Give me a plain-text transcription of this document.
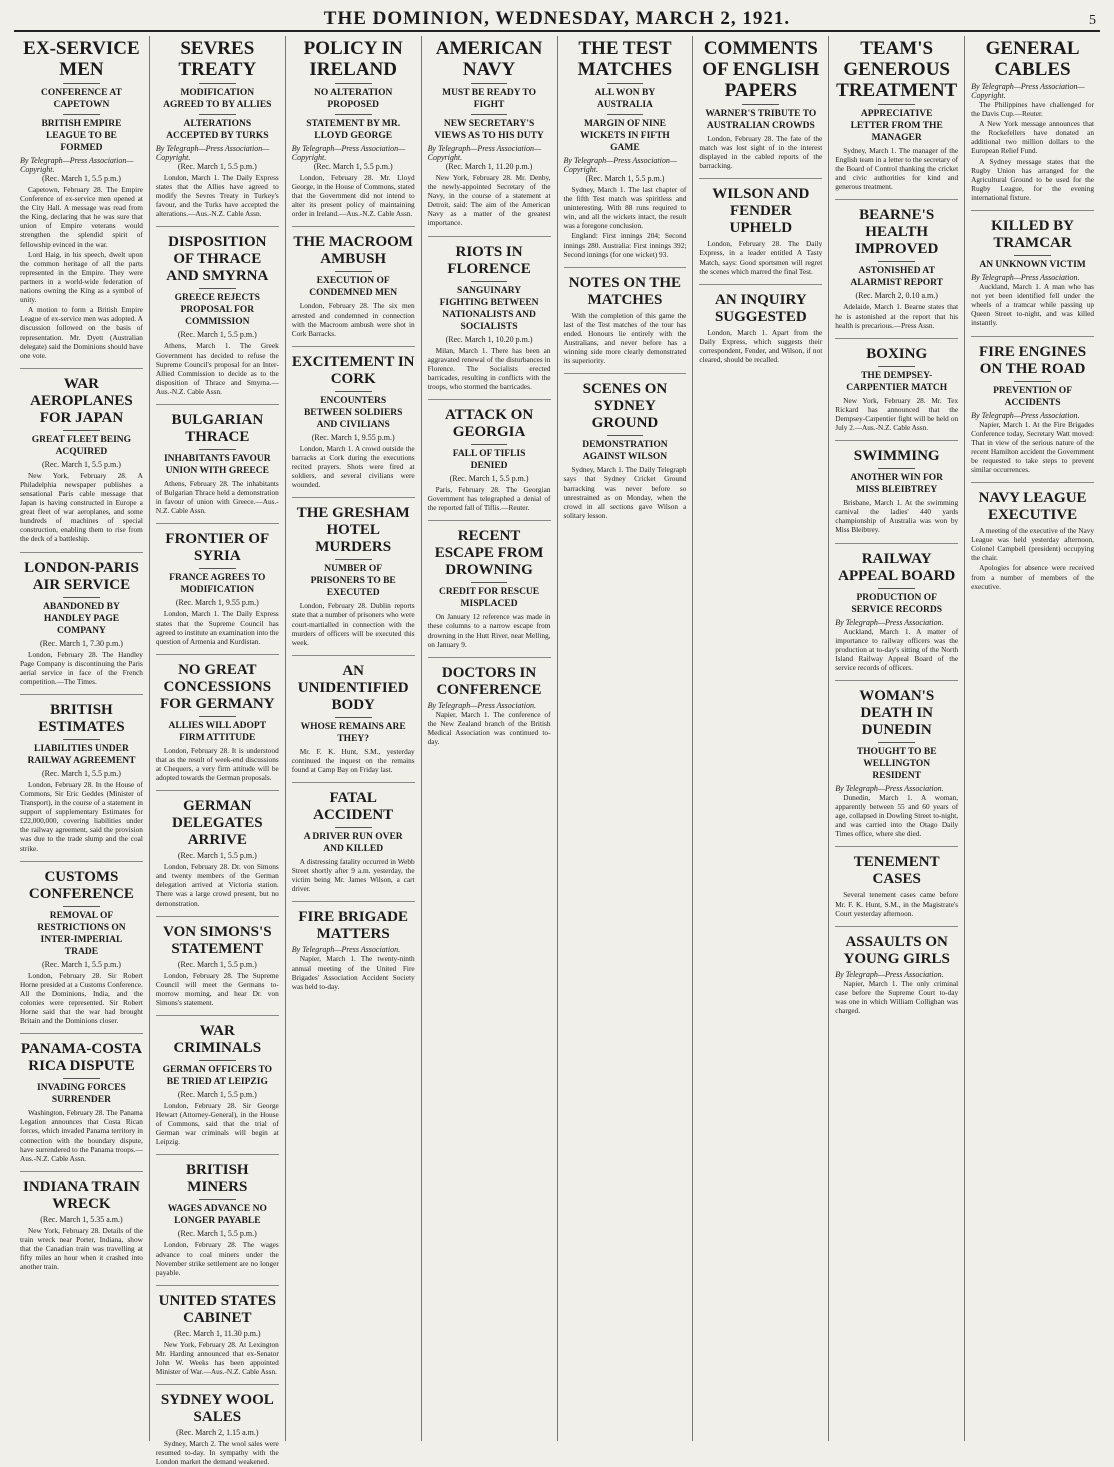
THE DOMINION, WEDNESDAY, MARCH 2, 1921.	5
EX-SERVICE MEN
CONFERENCE AT CAPETOWN
BRITISH EMPIRE LEAGUE TO BE FORMED
By Telegraph—Press Association—Copyright.
(Rec. March 1, 5.5 p.m.)

Capetown, February 28. The Empire Conference of ex-service men opened at the City Hall. A message was read from the King, declaring that he was sure that union of Empire veterans would strengthen the splendid spirit of fellowship evinced in the war.

Lord Haig, in his speech, dwelt upon the common heritage of all the parts represented in the Empire. They were partners in a world-wide federation of nations owning the King as a symbol of unity.

A motion to form a British Empire League of ex-service men was adopted. A discussion followed on the basis of representation. Mr. Dyett (Australian delegate) said the Dominions should have one vote.

WAR AEROPLANES FOR JAPAN
GREAT FLEET BEING ACQUIRED
(Rec. March 1, 5.5 p.m.)

New York, February 28. A Philadelphia newspaper publishes a sensational Paris cable message that Japan is having constructed in Europe a great fleet of war aeroplanes, and some hundreds of machines of special construction, enabling them to rise from the deck of a battleship.

LONDON-PARIS AIR SERVICE
ABANDONED BY HANDLEY PAGE COMPANY
(Rec. March 1, 7.30 p.m.)

London, February 28. The Handley Page Company is discontinuing the Paris aerial service in face of the French competition.—The Times.

BRITISH ESTIMATES
LIABILITIES UNDER RAILWAY AGREEMENT
(Rec. March 1, 5.5 p.m.)

London, February 28. In the House of Commons, Sir Eric Geddes (Minister of Transport), in the course of a statement in support of supplementary Estimates for £22,000,000, covering liabilities under the railway agreement, said the provision was due to the trade slump and the coal strike.

CUSTOMS CONFERENCE
REMOVAL OF RESTRICTIONS ON INTER-IMPERIAL TRADE
(Rec. March 1, 5.5 p.m.)

London, February 28. Sir Robert Horne presided at a Customs Conference. All the Dominions, India, and the colonies were represented. Sir Robert Horne said that the war had brought Britain and the Dominions closer.

PANAMA-COSTA RICA DISPUTE
INVADING FORCES SURRENDER

Washington, February 28. The Panama Legation announces that Costa Rican forces, which invaded Panama territory in connection with the boundary dispute, have surrendered to the Panama troops.—Aus.-N.Z. Cable Assn.

INDIANA TRAIN WRECK
(Rec. March 1, 5.35 a.m.)

New York, February 28. Details of the train wreck near Porter, Indiana, show that the Canadian train was travelling at fifty miles an hour when it crashed into another train.

SEVRES TREATY
MODIFICATION AGREED TO BY ALLIES
ALTERATIONS ACCEPTED BY TURKS
By Telegraph—Press Association—Copyright.
(Rec. March 1, 5.5 p.m.)

London, March 1. The Daily Express states that the Allies have agreed to modify the Sevres Treaty in Turkey's favour, and the Turks have accepted the alterations.—Aus.-N.Z. Cable Assn.

DISPOSITION OF THRACE AND SMYRNA
GREECE REJECTS PROPOSAL FOR COMMISSION
(Rec. March 1, 5.5 p.m.)

Athens, March 1. The Greek Government has decided to refuse the Supreme Council's proposal for an Inter-Allied Commission to decide as to the disposition of Thrace and Smyrna.—Aus.-N.Z. Cable Assn.

BULGARIAN THRACE
INHABITANTS FAVOUR UNION WITH GREECE

Athens, February 28. The inhabitants of Bulgarian Thrace held a demonstration in favour of union with Greece.—Aus.-N.Z. Cable Assn.

FRONTIER OF SYRIA
FRANCE AGREES TO MODIFICATION
(Rec. March 1, 9.55 p.m.)

London, March 1. The Daily Express states that the Supreme Council has agreed to institute an examination into the question of Armenia and Kurdistan.

NO GREAT CONCESSIONS FOR GERMANY
ALLIES WILL ADOPT FIRM ATTITUDE

London, February 28. It is understood that as the result of week-end discussions at Chequers, a very firm attitude will be adopted towards the German proposals.

GERMAN DELEGATES ARRIVE
(Rec. March 1, 5.5 p.m.)

London, February 28. Dr. von Simons and twenty members of the German delegation arrived at Victoria station. There was a large crowd present, but no demonstration.

VON SIMONS'S STATEMENT
(Rec. March 1, 5.5 p.m.)

London, February 28. The Supreme Council will meet the Germans to-morrow morning, and hear Dr. von Simons's statement.

WAR CRIMINALS
GERMAN OFFICERS TO BE TRIED AT LEIPZIG
(Rec. March 1, 5.5 p.m.)

London, February 28. Sir George Hewart (Attorney-General), in the House of Commons, said that the trial of German war criminals will begin at Leipzig.

BRITISH MINERS
WAGES ADVANCE NO LONGER PAYABLE
(Rec. March 1, 5.5 p.m.)

London, February 28. The wages advance to coal miners under the November strike settlement are no longer payable.

UNITED STATES CABINET
(Rec. March 1, 11.30 p.m.)

New York, February 28. At Lexington Mr. Harding announced that ex-Senator John W. Weeks has been appointed Minister of War.—Aus.-N.Z. Cable Assn.

SYDNEY WOOL SALES
(Rec. March 2, 1.15 a.m.)

Sydney, March 2. The wool sales were resumed to-day. In sympathy with the London market the demand weakened.

POLICY IN IRELAND
NO ALTERATION PROPOSED
STATEMENT BY MR. LLOYD GEORGE
By Telegraph—Press Association—Copyright.
(Rec. March 1, 5.5 p.m.)

London, February 28. Mr. Lloyd George, in the House of Commons, stated that the Government did not intend to alter its present policy of maintaining order in Ireland.—Aus.-N.Z. Cable Assn.

THE MACROOM AMBUSH
EXECUTION OF CONDEMNED MEN

London, February 28. The six men arrested and condemned in connection with the Macroom ambush were shot in Cork Barracks.

EXCITEMENT IN CORK
ENCOUNTERS BETWEEN SOLDIERS AND CIVILIANS
(Rec. March 1, 9.55 p.m.)

London, March 1. A crowd outside the barracks at Cork during the executions recited prayers. Shots were fired at soldiers, and several civilians were wounded.

THE GRESHAM HOTEL MURDERS
NUMBER OF PRISONERS TO BE EXECUTED

London, February 28. Dublin reports state that a number of prisoners who were court-martialled in connection with the murders of officers will be executed this week.

AN UNIDENTIFIED BODY
WHOSE REMAINS ARE THEY?

Mr. F. K. Hunt, S.M., yesterday continued the inquest on the remains found at Camp Bay on Friday last.

FATAL ACCIDENT
A DRIVER RUN OVER AND KILLED

A distressing fatality occurred in Webb Street shortly after 9 a.m. yesterday, the victim being Mr. James Wilson, a cart driver.

FIRE BRIGADE MATTERS
By Telegraph—Press Association.

Napier, March 1. The twenty-ninth annual meeting of the United Fire Brigades' Association Accident Society was held to-day.

AMERICAN NAVY
MUST BE READY TO FIGHT
NEW SECRETARY'S VIEWS AS TO HIS DUTY
By Telegraph—Press Association—Copyright.
(Rec. March 1, 11.20 p.m.)

New York, February 28. Mr. Denby, the newly-appointed Secretary of the Navy, in the course of a statement at Detroit, said: The aim of the American Navy as a matter of the greatest importance.

RIOTS IN FLORENCE
SANGUINARY FIGHTING BETWEEN NATIONALISTS AND SOCIALISTS
(Rec. March 1, 10.20 p.m.)

Milan, March 1. There has been an aggravated renewal of the disturbances in Florence. The Socialists erected barricades, resulting in conflicts with the troops, who stormed the barricades.

ATTACK ON GEORGIA
FALL OF TIFLIS DENIED
(Rec. March 1, 5.5 p.m.)

Paris, February 28. The Georgian Government has telegraphed a denial of the reported fall of Tiflis.—Reuter.

RECENT ESCAPE FROM DROWNING
CREDIT FOR RESCUE MISPLACED

On January 12 reference was made in these columns to a narrow escape from drowning in the Hutt River, near Melling, on January 9.

DOCTORS IN CONFERENCE
By Telegraph—Press Association.

Napier, March 1. The conference of the New Zealand branch of the British Medical Association was continued to-day.

THE TEST MATCHES
ALL WON BY AUSTRALIA
MARGIN OF NINE WICKETS IN FIFTH GAME
By Telegraph—Press Association—Copyright.
(Rec. March 1, 5.5 p.m.)

Sydney, March 1. The last chapter of the fifth Test match was spiritless and uninteresting. With 88 runs required to win, and all the wickets intact, the result was a foregone conclusion.

England: First innings 204; Second innings 280. Australia: First innings 392; Second innings (for one wicket) 93.

NOTES ON THE MATCHES

With the completion of this game the last of the Test matches of the tour has ended. Honours lie entirely with the Australians, and never before has a winning side more clearly demonstrated its superiority.

SCENES ON SYDNEY GROUND
DEMONSTRATION AGAINST WILSON

Sydney, March 1. The Daily Telegraph says that Sydney Cricket Ground barracking was never before so unrestrained as on Monday, when the crowd in all sections gave Wilson a solitary lesson.

COMMENTS OF ENGLISH PAPERS
WARNER'S TRIBUTE TO AUSTRALIAN CROWDS

London, February 28. The fate of the match was lost sight of in the interest displayed in the cabled reports of the barracking.

WILSON AND FENDER UPHELD

London, February 28. The Daily Express, in a leader entitled A Tasty Match, says: Good sportsmen will regret the scenes which marred the final Test.

AN INQUIRY SUGGESTED

London, March 1. Apart from the Daily Express, which suggests their correspondent, Fender, and Wilson, if not cleared, should be recalled.

TEAM'S GENEROUS TREATMENT
APPRECIATIVE LETTER FROM THE MANAGER

Sydney, March 1. The manager of the English team in a letter to the secretary of the Board of Control thanking the cricket and civic authorities for kind and generous treatment.

BEARNE'S HEALTH IMPROVED
ASTONISHED AT ALARMIST REPORT
(Rec. March 2, 0.10 a.m.)

Adelaide, March 1. Bearne states that he is astonished at the report that his health is precarious.—Press Assn.

BOXING
THE DEMPSEY-CARPENTIER MATCH

New York, February 28. Mr. Tex Rickard has announced that the Dempsey-Carpentier fight will be held on July 2.—Aus.-N.Z. Cable Assn.

SWIMMING
ANOTHER WIN FOR MISS BLEIBTREY

Brisbane, March 1. At the swimming carnival the ladies' 440 yards championship of Australia was won by Miss Bleibtrey.

RAILWAY APPEAL BOARD
PRODUCTION OF SERVICE RECORDS
By Telegraph—Press Association.

Auckland, March 1. A matter of importance to railway officers was the production at to-day's sitting of the North Island Railway Appeal Board of the service records of officers.

WOMAN'S DEATH IN DUNEDIN
THOUGHT TO BE WELLINGTON RESIDENT
By Telegraph—Press Association.

Dunedin, March 1. A woman, apparently between 55 and 60 years of age, collapsed in Dowling Street to-night, and was carried into the Otago Daily Times office, where she died.

TENEMENT CASES

Several tenement cases came before Mr. F. K. Hunt, S.M., in the Magistrate's Court yesterday afternoon.

ASSAULTS ON YOUNG GIRLS
By Telegraph—Press Association.

Napier, March 1. The only criminal case before the Supreme Court to-day was one in which William Collighan was charged.

GENERAL CABLES
By Telegraph—Press Association—Copyright.

The Philippines have challenged for the Davis Cup.—Reuter.

A New York message announces that the Rockefellers have donated an additional two million dollars to the European Relief Fund.

A Sydney message states that the Rugby Union has arranged for the Agricultural Ground to be used for the Rugby League, for the evening international fixture.

KILLED BY TRAMCAR
AN UNKNOWN VICTIM
By Telegraph—Press Association.

Auckland, March 1. A man who has not yet been identified fell under the wheels of a tramcar while passing up Queen Street to-night, and was killed instantly.

FIRE ENGINES ON THE ROAD
PREVENTION OF ACCIDENTS
By Telegraph—Press Association.

Napier, March 1. At the Fire Brigades Conference today, Secretary Watt moved: That in view of the serious nature of the recent Hamilton accident the Government be requested to take steps to prevent similar occurrences.

NAVY LEAGUE EXECUTIVE

A meeting of the executive of the Navy League was held yesterday afternoon, Colonel Campbell (president) occupying the chair.

Apologies for absence were received from a number of members of the executive.
